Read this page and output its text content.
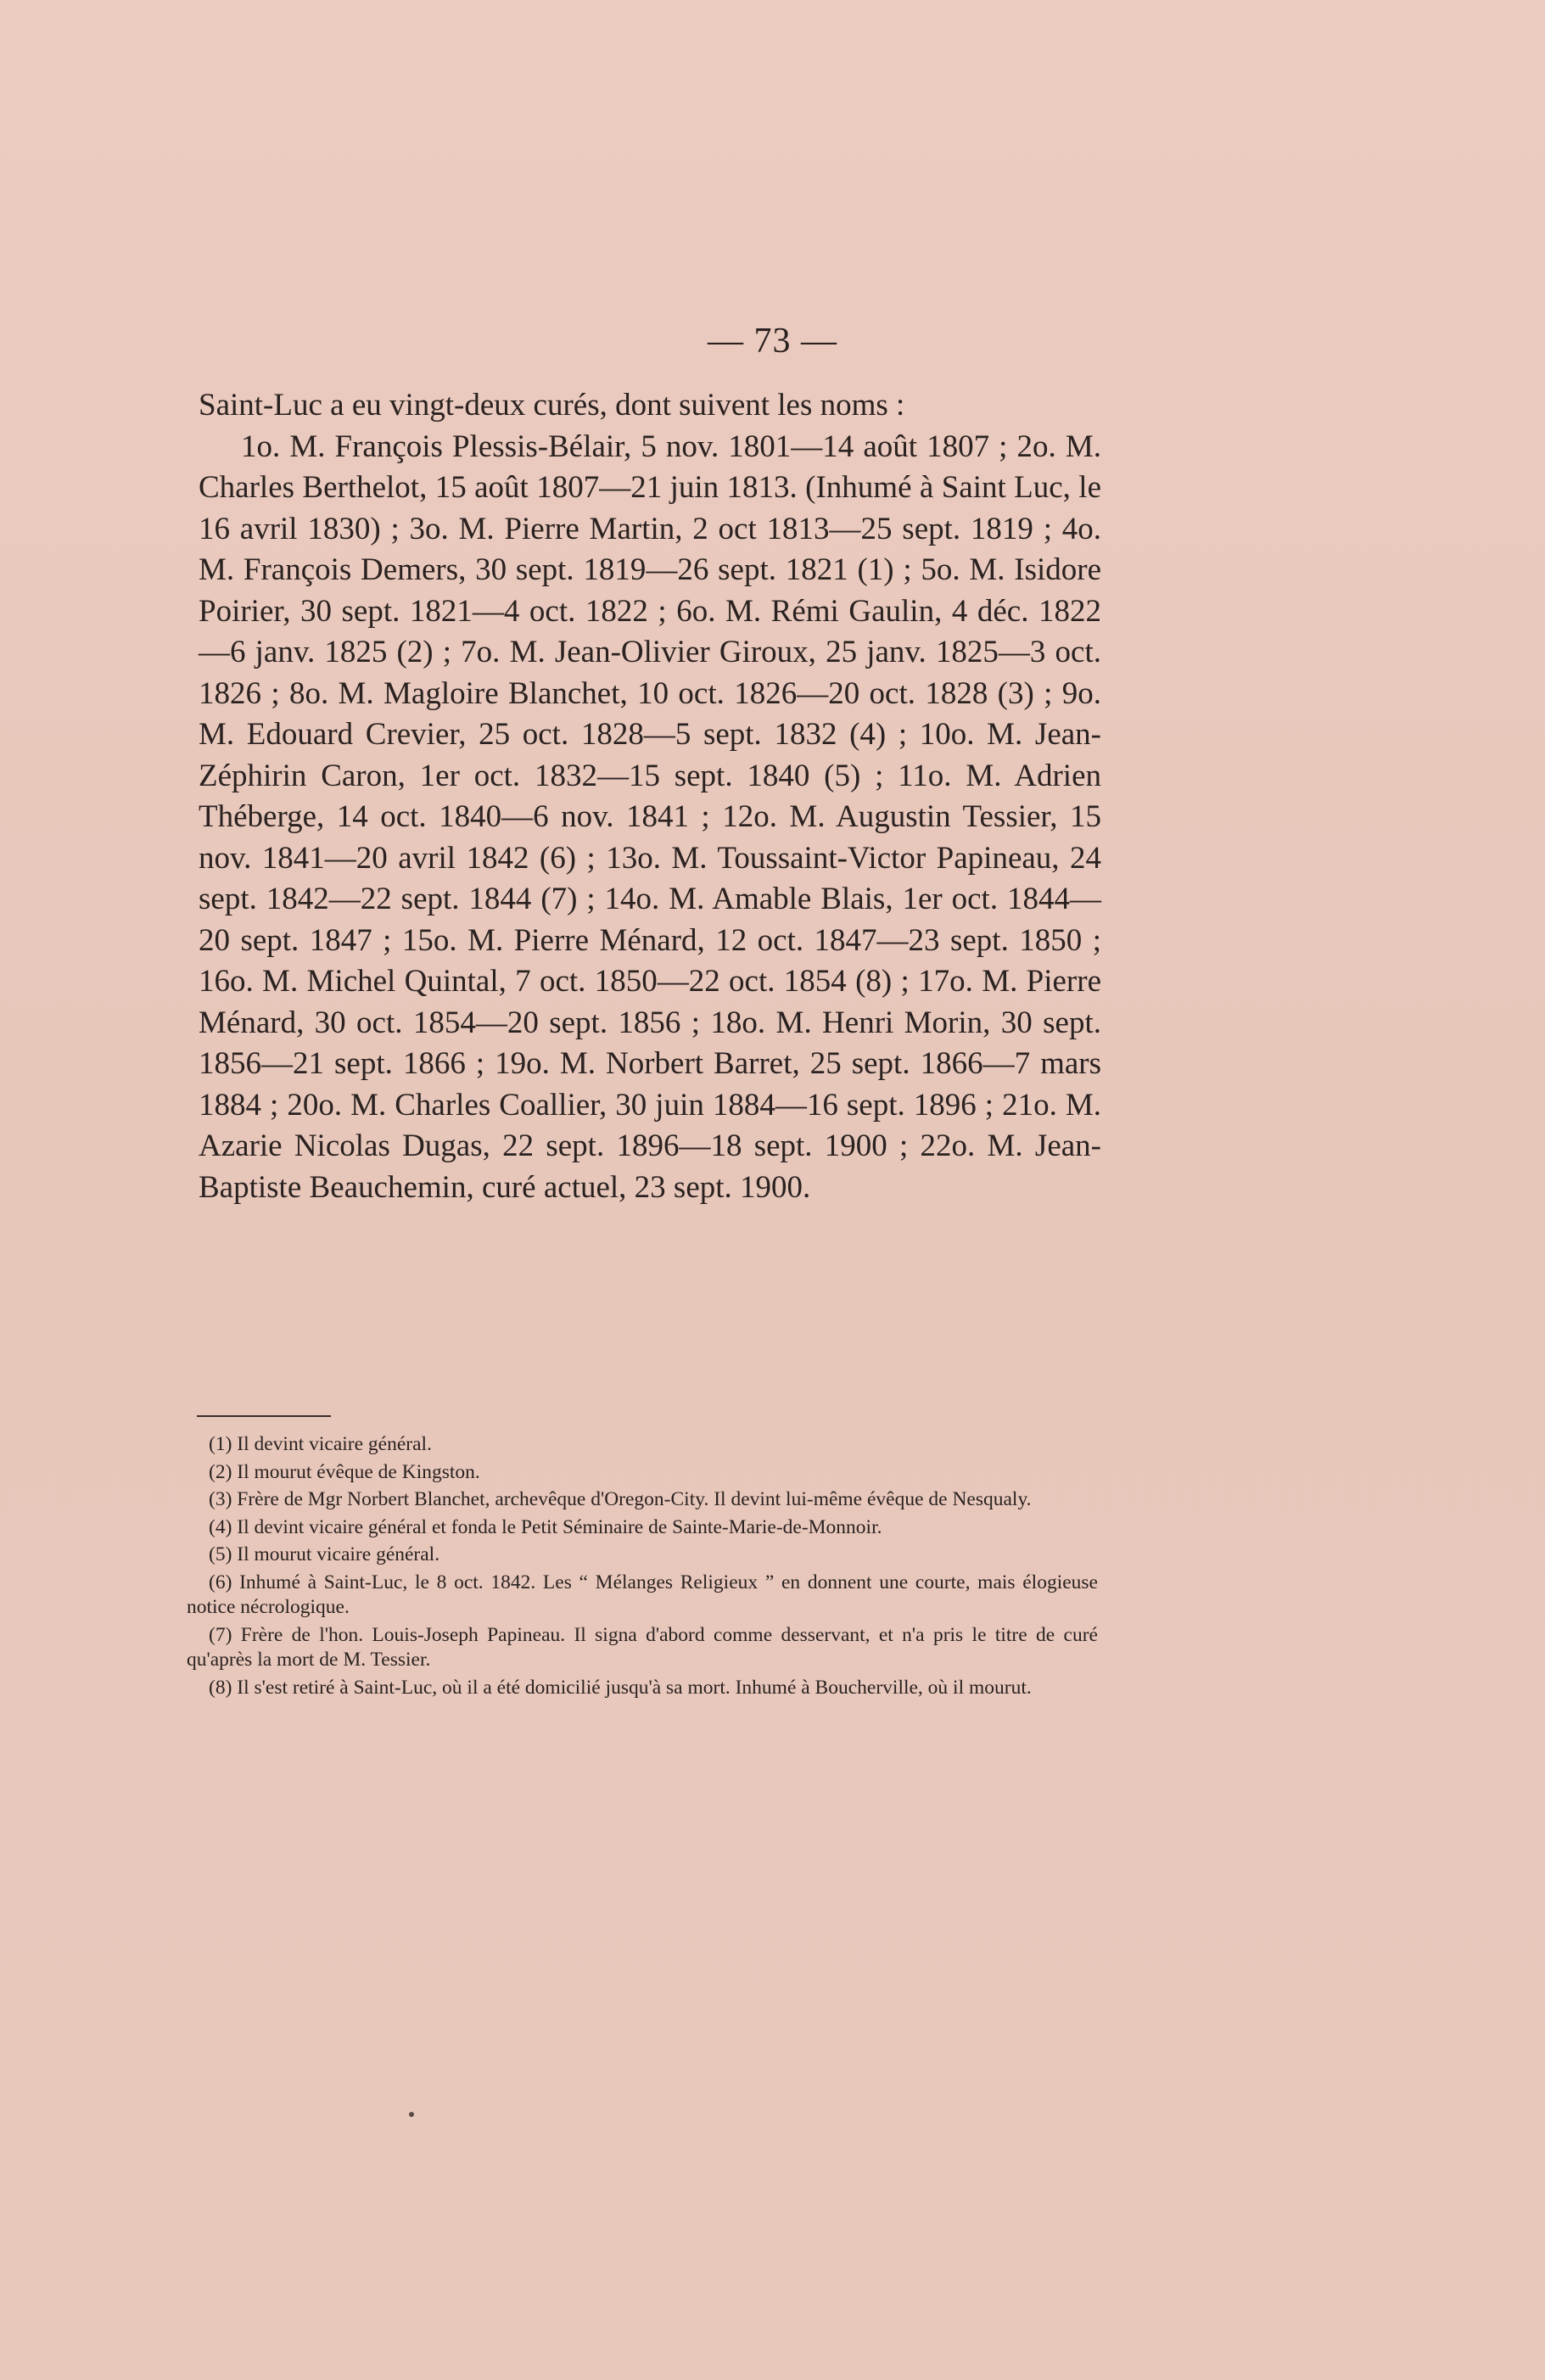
— 73 —

Saint-Luc a eu vingt-deux curés, dont suivent les noms :

1o. M. François Plessis-Bélair, 5 nov. 1801—14 août 1807 ; 2o. M. Charles Berthelot, 15 août 1807—21 juin 1813. (Inhumé à Saint Luc, le 16 avril 1830) ; 3o. M. Pierre Martin, 2 oct 1813—25 sept. 1819 ; 4o. M. François Demers, 30 sept. 1819—26 sept. 1821 (1) ; 5o. M. Isidore Poirier, 30 sept. 1821—4 oct. 1822 ; 6o. M. Rémi Gaulin, 4 déc. 1822—6 janv. 1825 (2) ; 7o. M. Jean-Olivier Giroux, 25 janv. 1825—3 oct. 1826 ; 8o. M. Magloire Blanchet, 10 oct. 1826—20 oct. 1828 (3) ; 9o. M. Edouard Crevier, 25 oct. 1828—5 sept. 1832 (4) ; 10o. M. Jean-Zéphirin Caron, 1er oct. 1832—15 sept. 1840 (5) ; 11o. M. Adrien Théberge, 14 oct. 1840—6 nov. 1841 ; 12o. M. Augustin Tessier, 15 nov. 1841—20 avril 1842 (6) ; 13o. M. Toussaint-Victor Papineau, 24 sept. 1842—22 sept. 1844 (7) ; 14o. M. Amable Blais, 1er oct. 1844—20 sept. 1847 ; 15o. M. Pierre Ménard, 12 oct. 1847—23 sept. 1850 ; 16o. M. Michel Quintal, 7 oct. 1850—22 oct. 1854 (8) ; 17o. M. Pierre Ménard, 30 oct. 1854—20 sept. 1856 ; 18o. M. Henri Morin, 30 sept. 1856—21 sept. 1866 ; 19o. M. Norbert Barret, 25 sept. 1866—7 mars 1884 ; 20o. M. Charles Coallier, 30 juin 1884—16 sept. 1896 ; 21o. M. Azarie Nicolas Dugas, 22 sept. 1896—18 sept. 1900 ; 22o. M. Jean-Baptiste Beauchemin, curé actuel, 23 sept. 1900.

(1) Il devint vicaire général.

(2) Il mourut évêque de Kingston.

(3) Frère de Mgr Norbert Blanchet, archevêque d'Oregon-City. Il devint lui-même évêque de Nesqualy.

(4) Il devint vicaire général et fonda le Petit Séminaire de Sainte-Marie-de-Monnoir.

(5) Il mourut vicaire général.

(6) Inhumé à Saint-Luc, le 8 oct. 1842. Les “ Mélanges Religieux ” en donnent une courte, mais élogieuse notice nécrologique.

(7) Frère de l'hon. Louis-Joseph Papineau. Il signa d'abord comme desservant, et n'a pris le titre de curé qu'après la mort de M. Tessier.

(8) Il s'est retiré à Saint-Luc, où il a été domicilié jusqu'à sa mort. Inhumé à Boucherville, où il mourut.
